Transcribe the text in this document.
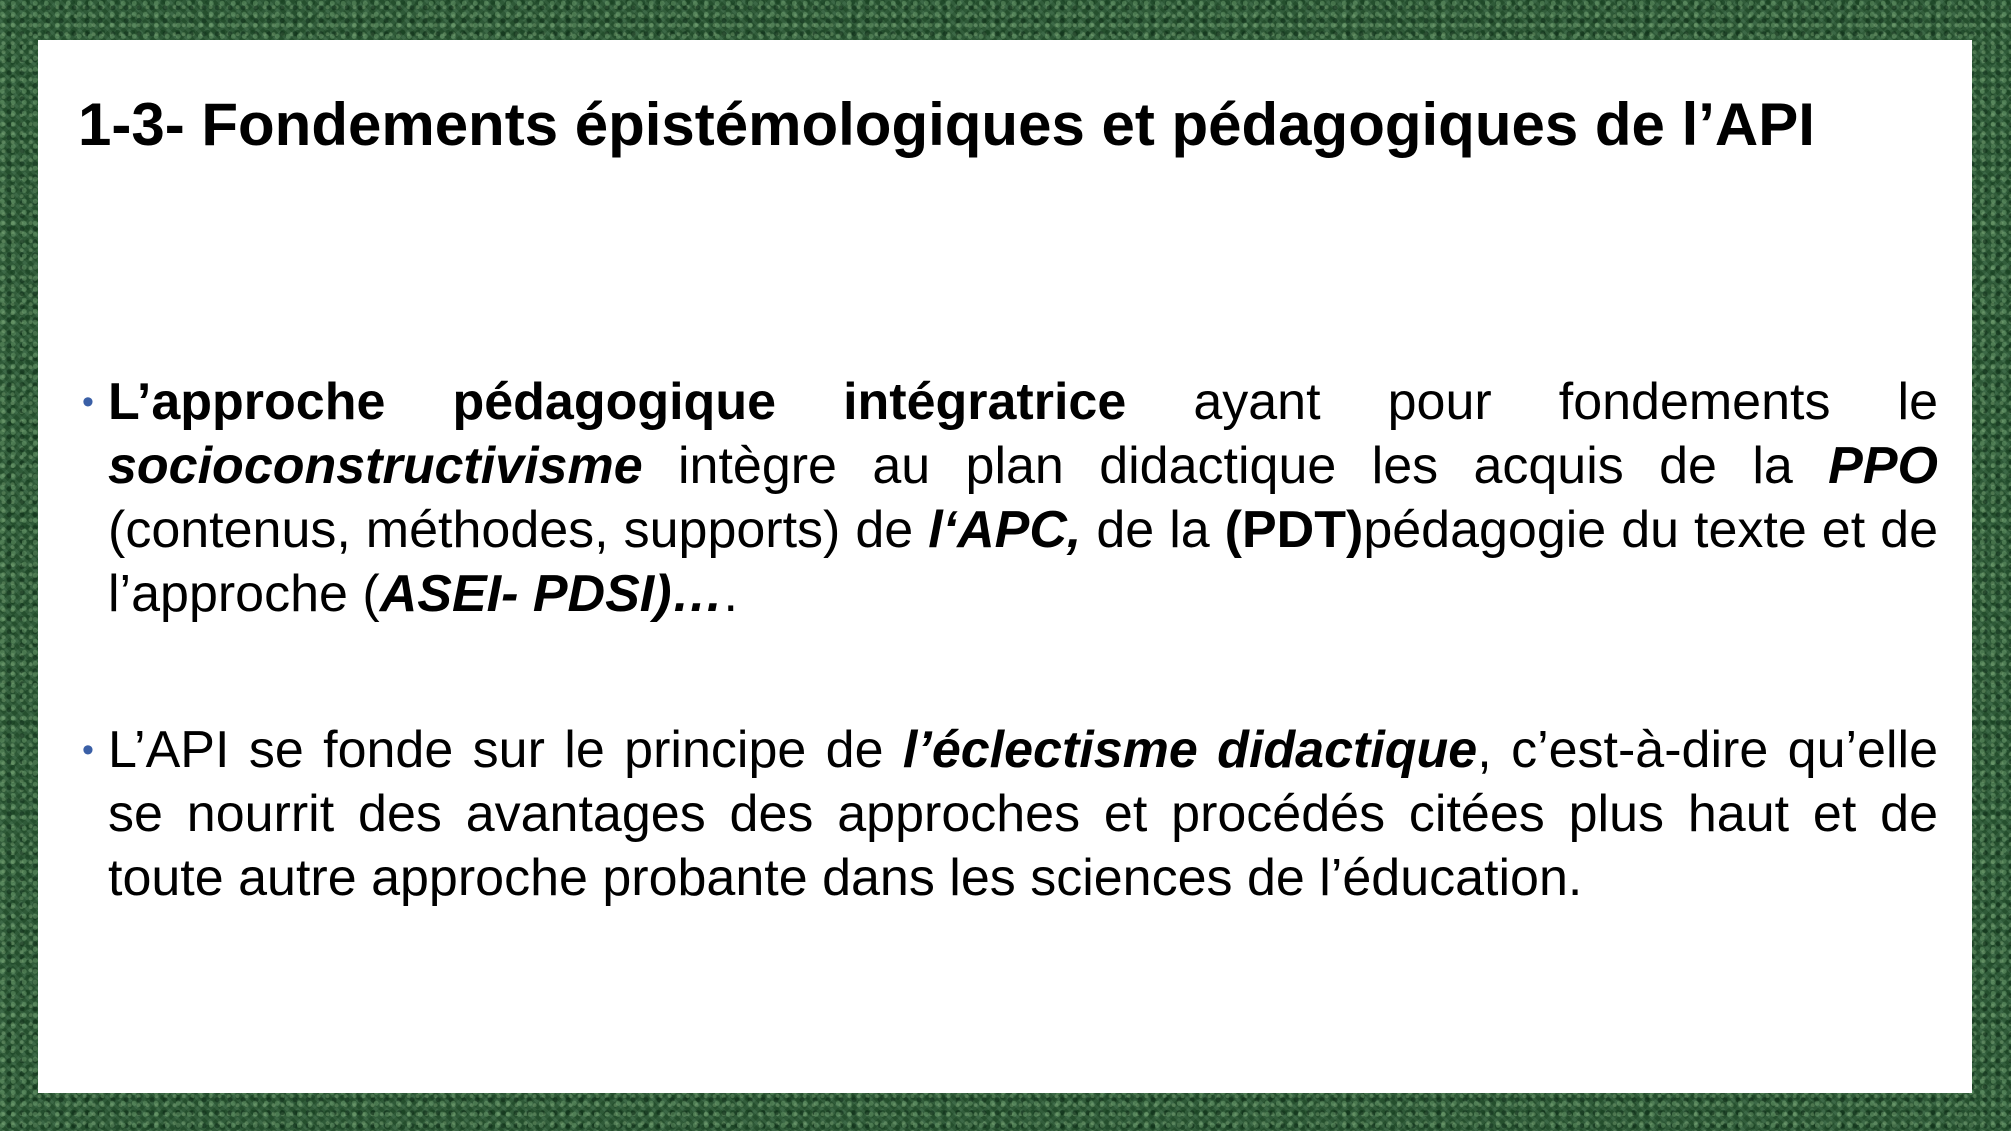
1-3- Fondements épistémologiques et pédagogiques de l’API
• L’approche pédagogique intégratrice ayant pour fondements le socioconstructivisme intègre au plan didactique les acquis de la PPO (contenus, méthodes, supports) de l‘APC, de la (PDT)pédagogie du texte et de l’approche (ASEI- PDSI)….
• L’API se fonde sur le principe de l’éclectisme didactique, c’est-à-dire qu’elle se nourrit des avantages des approches et procédés citées plus haut et de toute autre approche probante dans les sciences de l’éducation.
